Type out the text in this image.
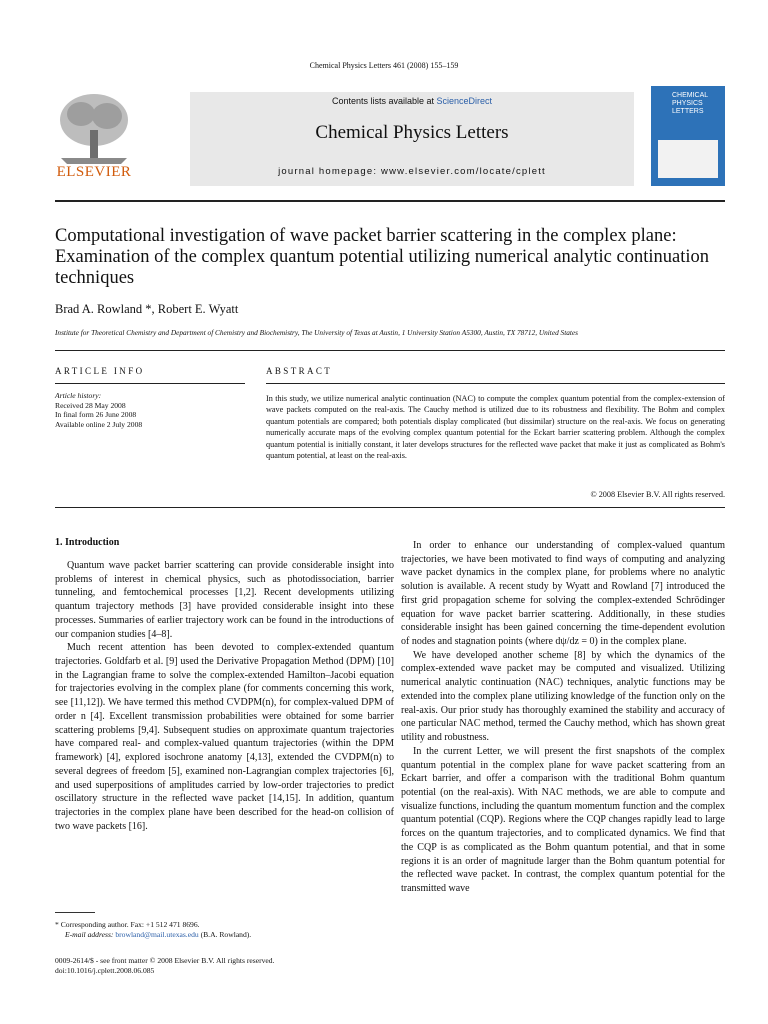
Chemical Physics Letters 461 (2008) 155–159
ELSEVIER
Contents lists available at ScienceDirect
Chemical Physics Letters
journal homepage: www.elsevier.com/locate/cplett
CHEMICAL
PHYSICS
LETTERS
Computational investigation of wave packet barrier scattering in the complex plane: Examination of the complex quantum potential utilizing numerical analytic continuation techniques
Brad A. Rowland *, Robert E. Wyatt
Institute for Theoretical Chemistry and Department of Chemistry and Biochemistry, The University of Texas at Austin, 1 University Station A5300, Austin, TX 78712, United States
ARTICLE INFO	ABSTRACT
Article history:
Received 28 May 2008
In final form 26 June 2008
Available online 2 July 2008
In this study, we utilize numerical analytic continuation (NAC) to compute the complex quantum potential from the complex-extension of wave packets computed on the real-axis. The Cauchy method is utilized due to its robustness and flexibility. The Bohm and complex quantum potentials are compared; both potentials display complicated (but dissimilar) structure on the real-axis. We focus on generating numerically accurate maps of the evolving complex quantum potential for the Eckart barrier scattering problem. Although the complex quantum potential is initially constant, it later develops structures for the reflected wave packet that make it just as complicated as Bohm's quantum potential, at least on the real-axis.
© 2008 Elsevier B.V. All rights reserved.
1. Introduction

Quantum wave packet barrier scattering can provide considerable insight into problems of interest in chemical physics, such as photodissociation, barrier tunneling, and femtochemical processes [1,2]. Recent developments utilizing quantum trajectory methods [3] have provided considerable insight into these processes. Summaries of earlier trajectory work can be found in the introductions of our companion studies [4–8].

Much recent attention has been devoted to complex-extended quantum trajectories. Goldfarb et al. [9] used the Derivative Propagation Method (DPM) [10] in the Lagrangian frame to solve the complex-extended Hamilton–Jacobi equation for trajectories evolving in the complex plane (for comments concerning this work, see [11,12]). We have termed this method CVDPM(n), for complex-valued DPM of order n [4]. Excellent transmission probabilities were obtained for some barrier scattering problems [9,4]. Subsequent studies on approximate quantum trajectories have compared real- and complex-valued quantum trajectories (within the DPM framework) [4], explored isochrone anatomy [4,13], extended the CVDPM(n) to several degrees of freedom [5], examined non-Lagrangian complex trajectories [6], and used superpositions of amplitudes carried by low-order trajectories to predict oscillatory structure in the reflected wave packet [14,15]. In addition, quantum trajectories in the complex plane have been described for the head-on collision of two wave packets [16].

In order to enhance our understanding of complex-valued quantum trajectories, we have been motivated to find ways of computing and analyzing wave packet dynamics in the complex plane, for problems where no analytic solution is available. A recent study by Wyatt and Rowland [7] introduced the first grid propagation scheme for solving the complex-extended Schrödinger equation for wave packet barrier scattering. Additionally, in these studies considerable insight has been gained concerning the time-dependent evolution of nodes and stagnation points (where dψ/dz = 0) in the complex plane.

We have developed another scheme [8] by which the dynamics of the complex-extended wave packet may be computed and visualized. Utilizing numerical analytic continuation (NAC) techniques, analytic functions may be extended into the complex plane utilizing knowledge of the function only on the real-axis. Our prior study has thoroughly examined the stability and accuracy of one particular NAC method, termed the Cauchy method, which has shown great utility and robustness.

In the current Letter, we will present the first snapshots of the complex quantum potential in the complex plane for wave packet scattering from an Eckart barrier, and offer a comparison with the traditional Bohm quantum potential (on the real-axis). With NAC methods, we are able to compute and visualize functions, including the quantum momentum function and the complex quantum potential (CQP). Regions where the CQP changes rapidly lead to large forces on the quantum trajectories, and to complicated dynamics. We find that the CQP is as complicated as the Bohm quantum potential, and that in some regions it is an order of magnitude larger than the Bohm quantum potential for the reflected wave packet. In contrast, the complex quantum potential for the transmitted wave

* Corresponding author. Fax: +1 512 471 8696.
E-mail address: browland@mail.utexas.edu (B.A. Rowland).
0009-2614/$ - see front matter © 2008 Elsevier B.V. All rights reserved.
doi:10.1016/j.cplett.2008.06.085
